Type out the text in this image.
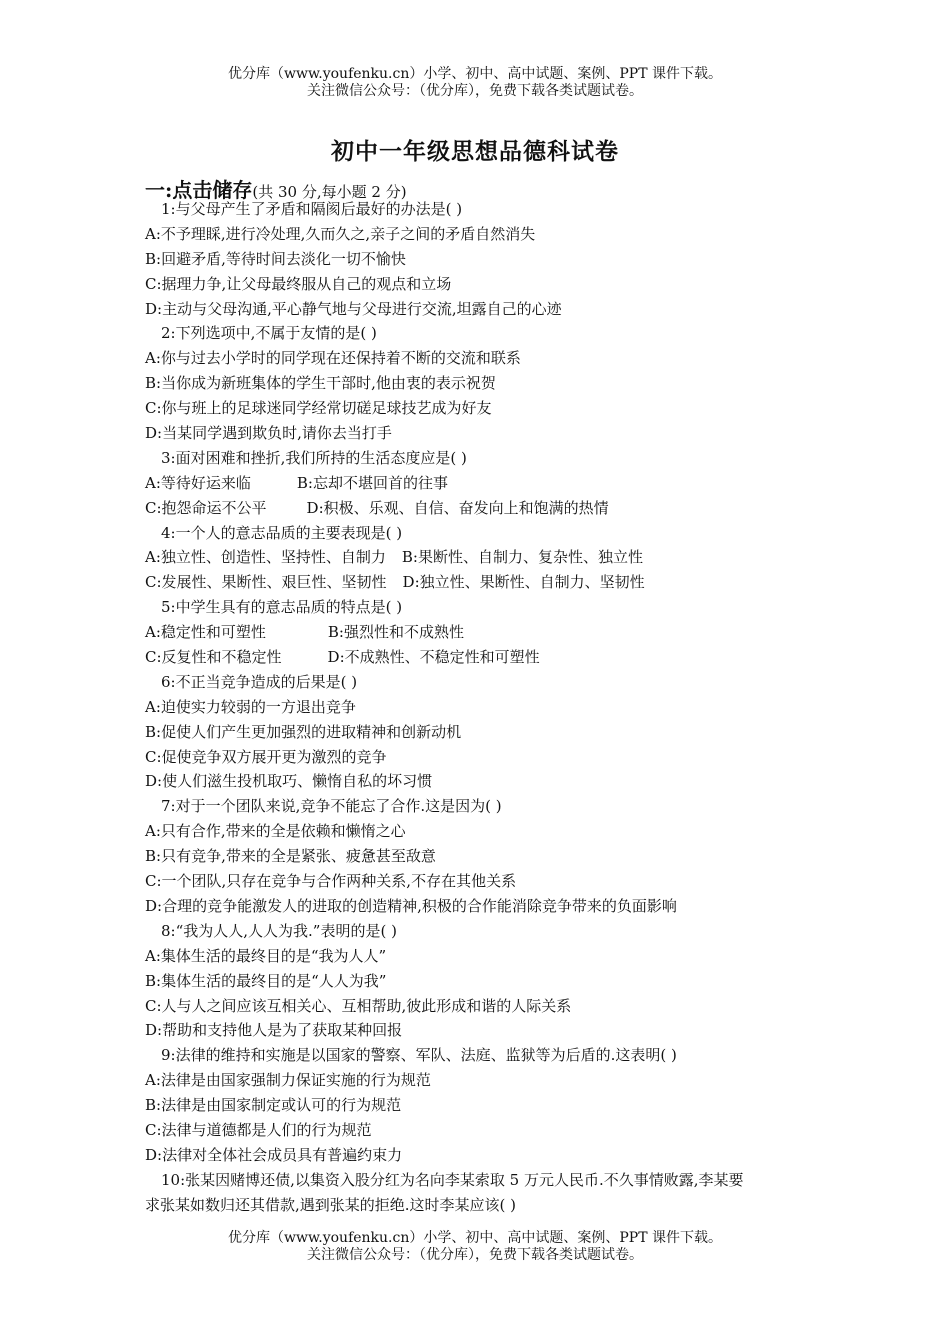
优分库（www.youfenku.cn）小学、初中、高中试题、案例、PPT 课件下载。
关注微信公众号：（优分库），免费下载各类试题试卷。
初中一年级思想品德科试卷
一:点击储存(共 30 分,每小题 2 分)
1:与父母产生了矛盾和隔阂后最好的办法是( )
A:不予理睬,进行冷处理,久而久之,亲子之间的矛盾自然消失
B:回避矛盾,等待时间去淡化一切不愉快
C:据理力争,让父母最终服从自己的观点和立场
D:主动与父母沟通,平心静气地与父母进行交流,坦露自己的心迹
2:下列选项中,不属于友情的是( )
A:你与过去小学时的同学现在还保持着不断的交流和联系
B:当你成为新班集体的学生干部时,他由衷的表示祝贺
C:你与班上的足球迷同学经常切磋足球技艺成为好友
D:当某同学遇到欺负时,请你去当打手
3:面对困难和挫折,我们所持的生活态度应是( )
A:等待好运来临	B:忘却不堪回首的往事
C:抱怨命运不公平	D:积极、乐观、自信、奋发向上和饱满的热情
4:一个人的意志品质的主要表现是( )
A:独立性、创造性、坚持性、自制力 B:果断性、自制力、复杂性、独立性
C:发展性、果断性、艰巨性、坚韧性 D:独立性、果断性、自制力、坚韧性
5:中学生具有的意志品质的特点是( )
A:稳定性和可塑性	B:强烈性和不成熟性
C:反复性和不稳定性	D:不成熟性、不稳定性和可塑性
6:不正当竞争造成的后果是( )
A:迫使实力较弱的一方退出竞争
B:促使人们产生更加强烈的进取精神和创新动机
C:促使竞争双方展开更为激烈的竞争
D:使人们滋生投机取巧、懒惰自私的坏习惯
7:对于一个团队来说,竞争不能忘了合作.这是因为( )
A:只有合作,带来的全是依赖和懒惰之心
B:只有竞争,带来的全是紧张、疲惫甚至敌意
C:一个团队,只存在竞争与合作两种关系,不存在其他关系
D:合理的竞争能激发人的进取的创造精神,积极的合作能消除竞争带来的负面影响
8:“我为人人,人人为我.”表明的是( )
A:集体生活的最终目的是“我为人人”
B:集体生活的最终目的是“人人为我”
C:人与人之间应该互相关心、互相帮助,彼此形成和谐的人际关系
D:帮助和支持他人是为了获取某种回报
9:法律的维持和实施是以国家的警察、军队、法庭、监狱等为后盾的.这表明( )
A:法律是由国家强制力保证实施的行为规范
B:法律是由国家制定或认可的行为规范
C:法律与道德都是人们的行为规范
D:法律对全体社会成员具有普遍约束力
10:张某因赌博还债,以集资入股分红为名向李某索取 5 万元人民币.不久事情败露,李某要
求张某如数归还其借款,遇到张某的拒绝.这时李某应该( )
优分库（www.youfenku.cn）小学、初中、高中试题、案例、PPT 课件下载。
关注微信公众号：（优分库），免费下载各类试题试卷。
